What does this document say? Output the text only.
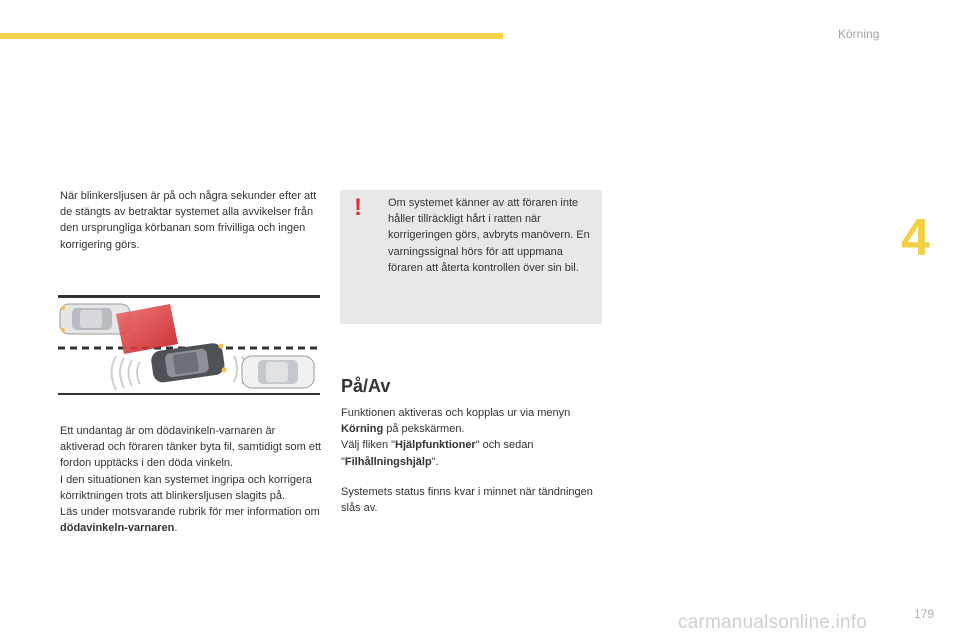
Körning
4

När blinkersljusen är på och några sekunder efter att de stängts av betraktar systemet alla avvikelser från den ursprungliga körbanan som frivilliga och ingen korrigering görs.

! Om systemet känner av att föraren inte håller tillräckligt hårt i ratten när korrigeringen görs, avbryts manövern. En varningssignal hörs för att uppmana föraren att återta kontrollen över sin bil.

Ett undantag är om dödavinkeln-varnaren är aktiverad och föraren tänker byta fil, samtidigt som ett fordon upptäcks i den döda vinkeln.
I den situationen kan systemet ingripa och korrigera körriktningen trots att blinkersljusen slagits på.
Läs under motsvarande rubrik för mer information om dödavinkeln-varnaren.
På/Av
Funktionen aktiveras och kopplas ur via menyn Körning på pekskärmen.
Välj fliken "Hjälpfunktioner" och sedan "Filhållningshjälp".

Systemets status finns kvar i minnet när tändningen slås av.

carmanualsonline.info	179
